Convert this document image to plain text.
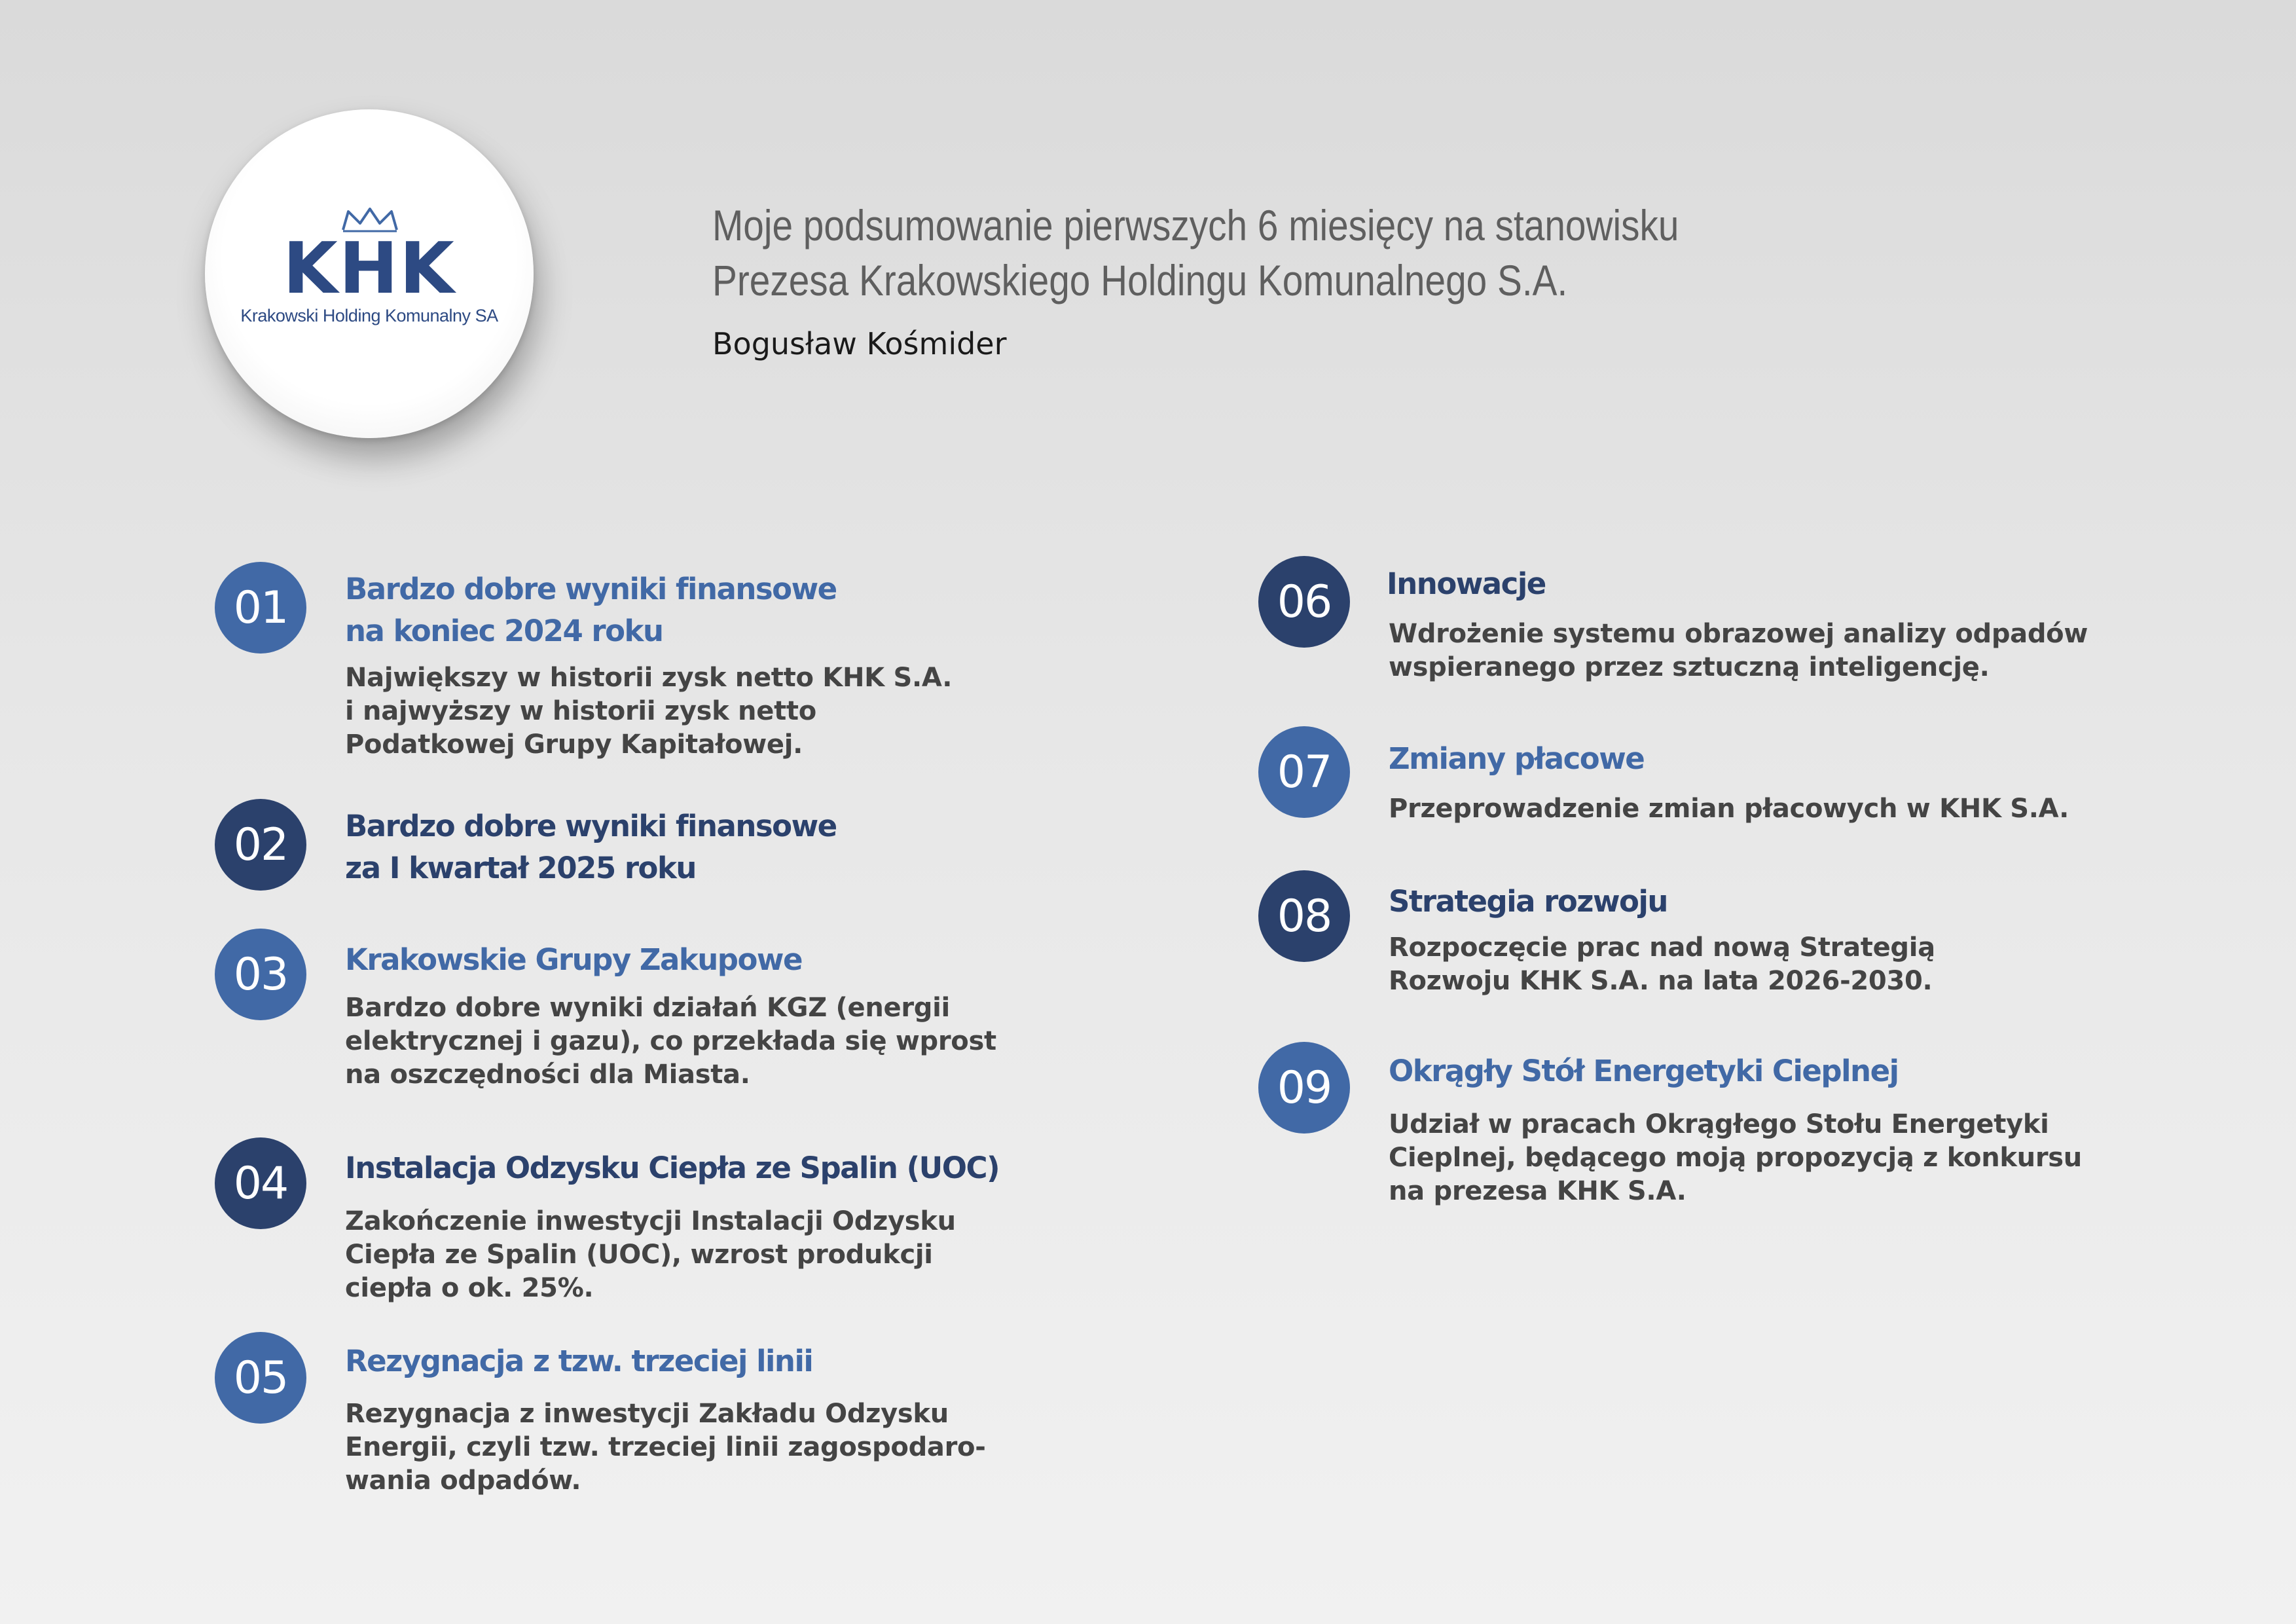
KHK
Krakowski Holding Komunalny SA
Moje podsumowanie pierwszych 6 miesięcy na stanowisku
Prezesa Krakowskiego Holdingu Komunalnego S.A.
Bogusław Kośmider
01	Bardzo dobre wyniki finansowe
na koniec 2024 roku
Największy w historii zysk netto KHK S.A.
i najwyższy w historii zysk netto
Podatkowej Grupy Kapitałowej.
02	Bardzo dobre wyniki finansowe
za I kwartał 2025 roku
03	Krakowskie Grupy Zakupowe
Bardzo dobre wyniki działań KGZ (energii
elektrycznej i gazu), co przekłada się wprost
na oszczędności dla Miasta.
04	Instalacja Odzysku Ciepła ze Spalin (UOC)
Zakończenie inwestycji Instalacji Odzysku
Ciepła ze Spalin (UOC), wzrost produkcji
ciepła o ok. 25%.
05	Rezygnacja z tzw. trzeciej linii
Rezygnacja z inwestycji Zakładu Odzysku
Energii, czyli tzw. trzeciej linii zagospodaro-
wania odpadów.
06	Innowacje
Wdrożenie systemu obrazowej analizy odpadów
wspieranego przez sztuczną inteligencję.
07	Zmiany płacowe
Przeprowadzenie zmian płacowych w KHK S.A.
08	Strategia rozwoju
Rozpoczęcie prac nad nową Strategią
Rozwoju KHK S.A. na lata 2026-2030.
09	Okrągły Stół Energetyki Cieplnej
Udział w pracach Okrągłego Stołu Energetyki
Cieplnej, będącego moją propozycją z konkursu
na prezesa KHK S.A.
